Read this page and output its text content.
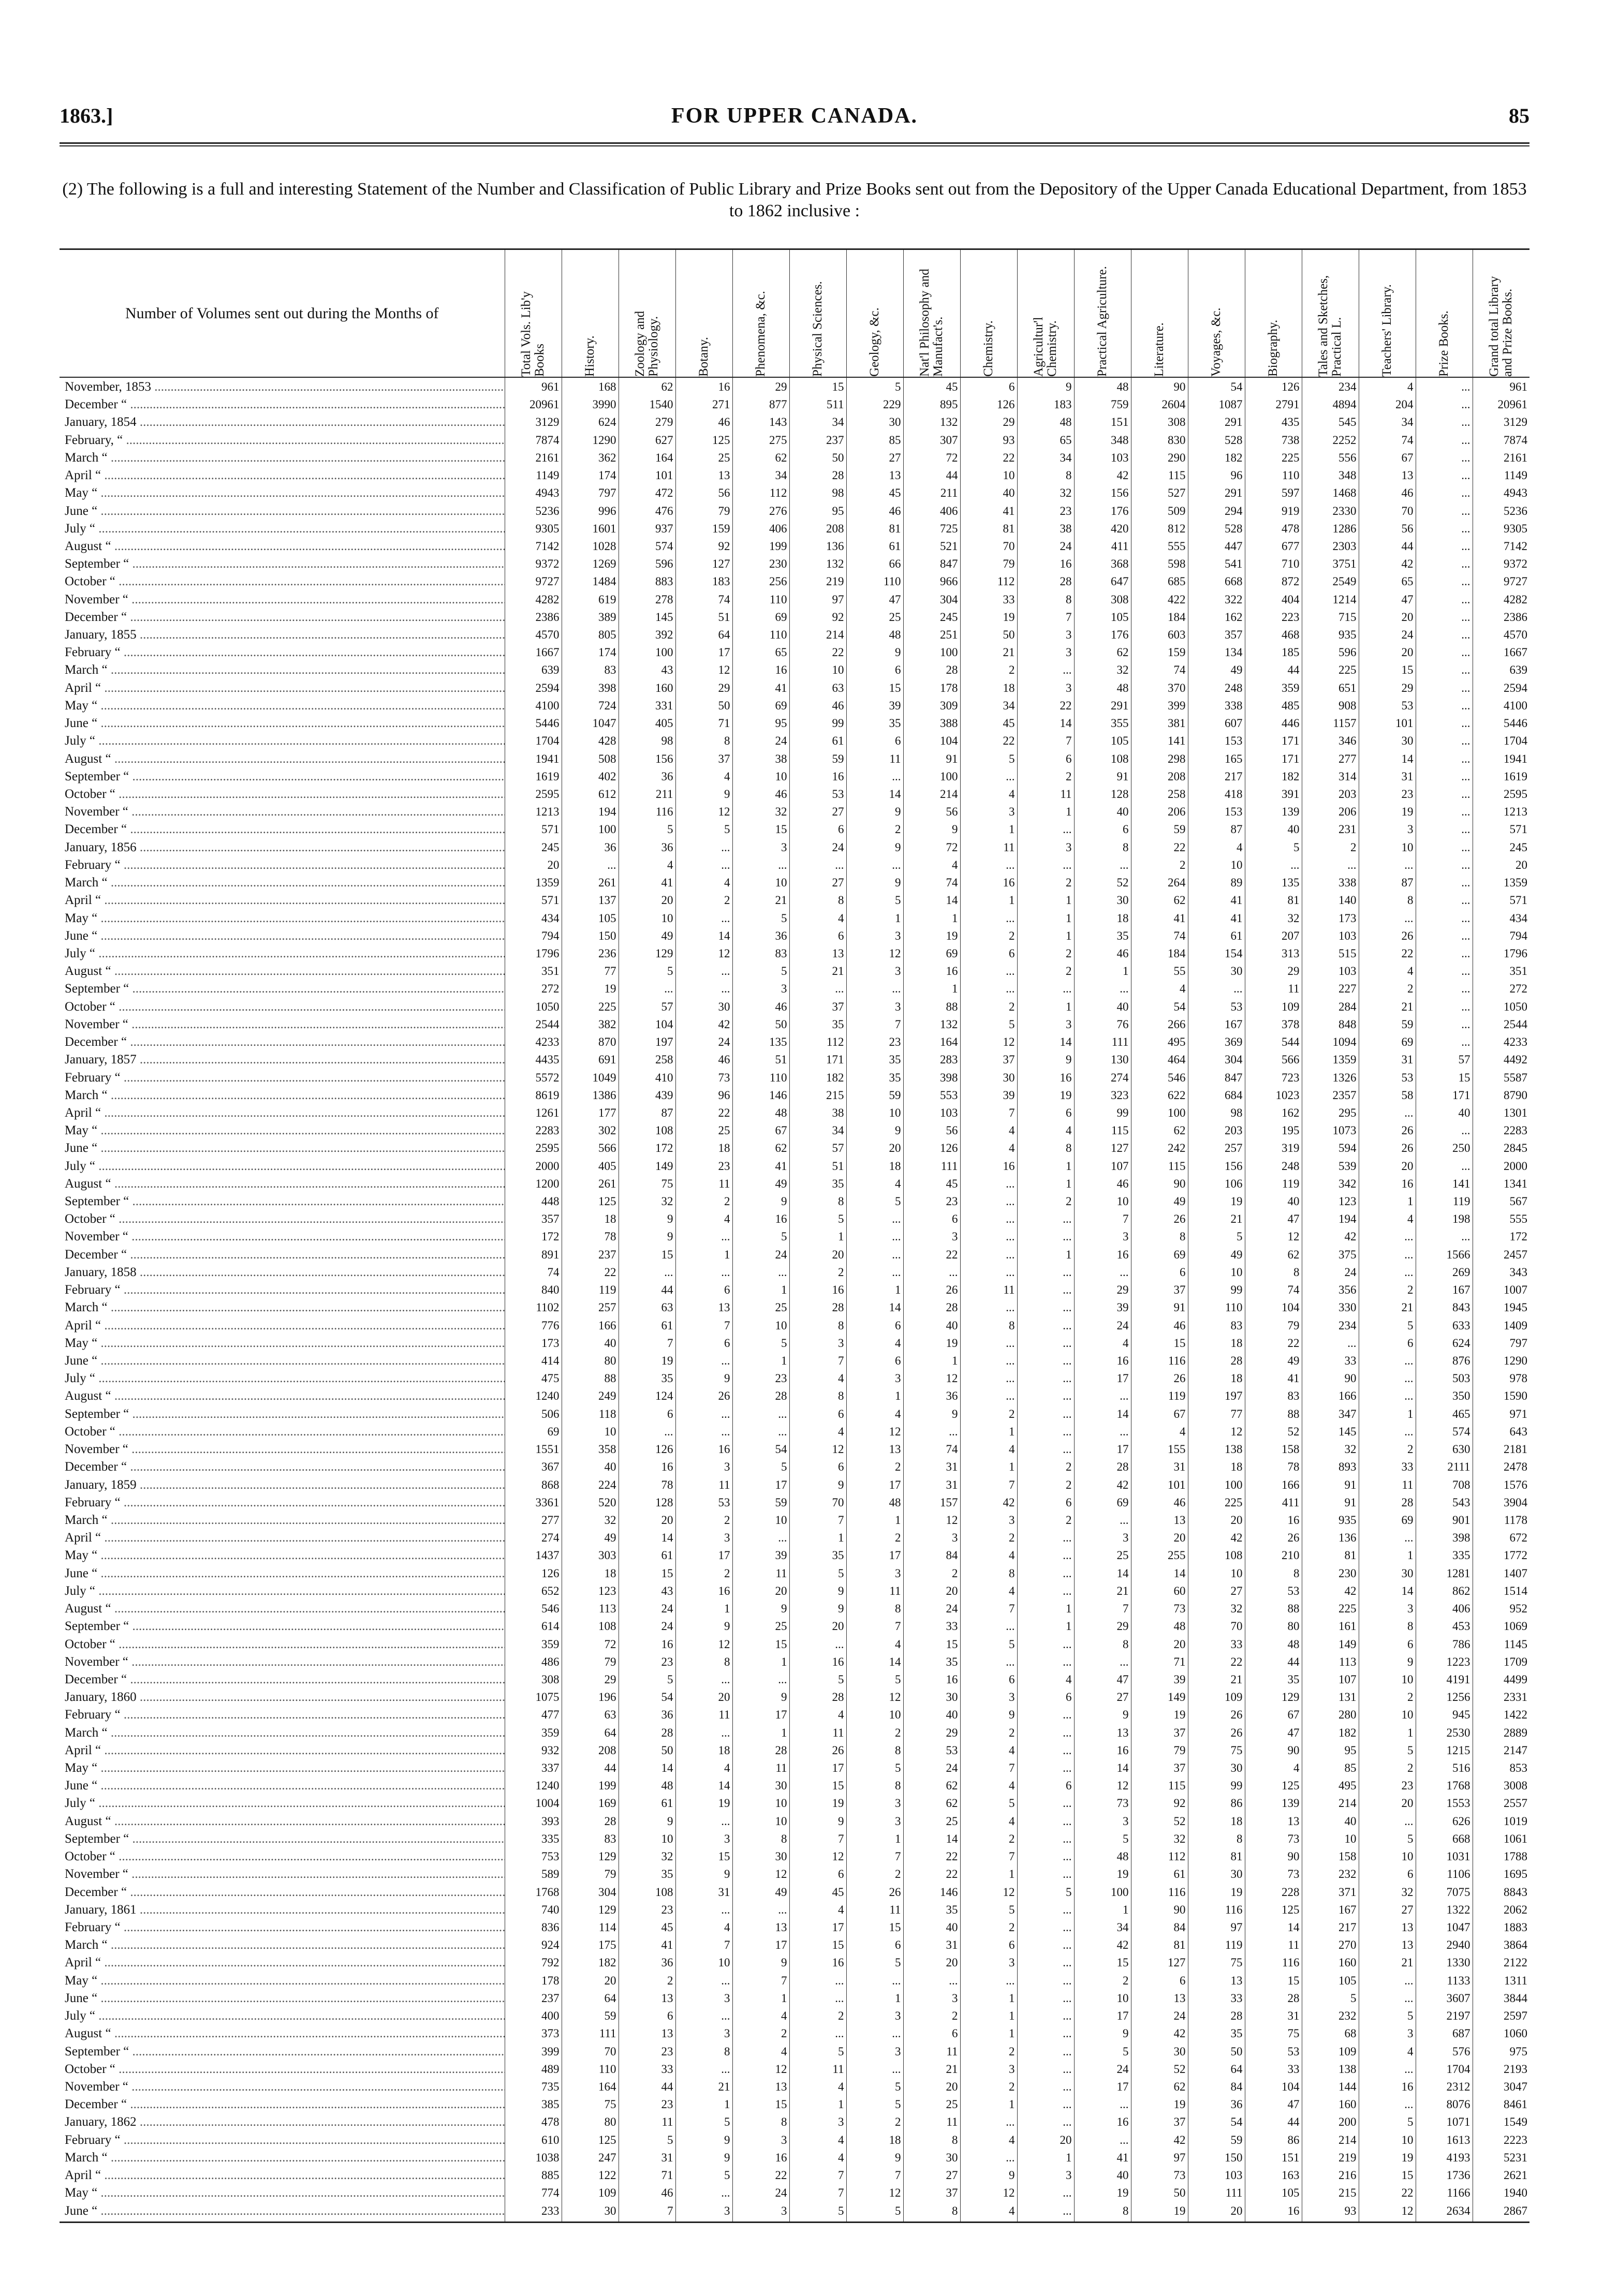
1863.]	FOR UPPER CANADA.	85
(2) The following is a full and interesting Statement of the Number and Classification of Public Library and Prize Books sent out from the Depository of the Upper Canada Educational Department, from 1853 to 1862 inclusive :
Number of Volumes sent out during the Months of	Total Vols. Lib'y Books	History.	Zoology and Physiology.	Botany.	Phenomena, &c.	Physical Sciences.	Geology, &c.	Nat'l Philosophy and Manufact's.	Chemistry.	Agricultur'l Chemistry.	Practical Agriculture.	Literature.	Voyages, &c.	Biography.	Tales and Sketches, Practical L.	Teachers' Library.	Prize Books.	Grand total Library and Prize Books.

November, 1853 .....	961	168	62	16	29	15	5	45	6	9	48	90	54	126	234	4	...	961
December “ .....	20961	3990	1540	271	877	511	229	895	126	183	759	2604	1087	2791	4894	204	...	20961
January, 1854 .....	3129	624	279	46	143	34	30	132	29	48	151	308	291	435	545	34	...	3129
February, “ .....	7874	1290	627	125	275	237	85	307	93	65	348	830	528	738	2252	74	...	7874
March “ .....	2161	362	164	25	62	50	27	72	22	34	103	290	182	225	556	67	...	2161
April “ .....	1149	174	101	13	34	28	13	44	10	8	42	115	96	110	348	13	...	1149
May “ .....	4943	797	472	56	112	98	45	211	40	32	156	527	291	597	1468	46	...	4943
June “ .....	5236	996	476	79	276	95	46	406	41	23	176	509	294	919	2330	70	...	5236
July “ .....	9305	1601	937	159	406	208	81	725	81	38	420	812	528	478	1286	56	...	9305
August “ .....	7142	1028	574	92	199	136	61	521	70	24	411	555	447	677	2303	44	...	7142
September “ .....	9372	1269	596	127	230	132	66	847	79	16	368	598	541	710	3751	42	...	9372
October “ .....	9727	1484	883	183	256	219	110	966	112	28	647	685	668	872	2549	65	...	9727
November “ .....	4282	619	278	74	110	97	47	304	33	8	308	422	322	404	1214	47	...	4282
December “ .....	2386	389	145	51	69	92	25	245	19	7	105	184	162	223	715	20	...	2386
January, 1855 .....	4570	805	392	64	110	214	48	251	50	3	176	603	357	468	935	24	...	4570
February “ .....	1667	174	100	17	65	22	9	100	21	3	62	159	134	185	596	20	...	1667
March “ .....	639	83	43	12	16	10	6	28	2	...	32	74	49	44	225	15	...	639
April “ .....	2594	398	160	29	41	63	15	178	18	3	48	370	248	359	651	29	...	2594
May “ .....	4100	724	331	50	69	46	39	309	34	22	291	399	338	485	908	53	...	4100
June “ .....	5446	1047	405	71	95	99	35	388	45	14	355	381	607	446	1157	101	...	5446
July “ .....	1704	428	98	8	24	61	6	104	22	7	105	141	153	171	346	30	...	1704
August “ .....	1941	508	156	37	38	59	11	91	5	6	108	298	165	171	277	14	...	1941
September “ .....	1619	402	36	4	10	16	...	100	...	2	91	208	217	182	314	31	...	1619
October “ .....	2595	612	211	9	46	53	14	214	4	11	128	258	418	391	203	23	...	2595
November “ .....	1213	194	116	12	32	27	9	56	3	1	40	206	153	139	206	19	...	1213
December “ .....	571	100	5	5	15	6	2	9	1	...	6	59	87	40	231	3	...	571
January, 1856 .....	245	36	36	...	3	24	9	72	11	3	8	22	4	5	2	10	...	245
February “ .....	20	...	4	...	...	...	...	4	...	...	...	2	10	...	...	...	...	20
March “ .....	1359	261	41	4	10	27	9	74	16	2	52	264	89	135	338	87	...	1359
April “ .....	571	137	20	2	21	8	5	14	1	1	30	62	41	81	140	8	...	571
May “ .....	434	105	10	...	5	4	1	1	...	1	18	41	41	32	173	...	...	434
June “ .....	794	150	49	14	36	6	3	19	2	1	35	74	61	207	103	26	...	794
July “ .....	1796	236	129	12	83	13	12	69	6	2	46	184	154	313	515	22	...	1796
August “ .....	351	77	5	...	5	21	3	16	...	2	1	55	30	29	103	4	...	351
September “ .....	272	19	...	...	3	...	...	1	...	...	...	4	...	11	227	2	...	272
October “ .....	1050	225	57	30	46	37	3	88	2	1	40	54	53	109	284	21	...	1050
November “ .....	2544	382	104	42	50	35	7	132	5	3	76	266	167	378	848	59	...	2544
December “ .....	4233	870	197	24	135	112	23	164	12	14	111	495	369	544	1094	69	...	4233
January, 1857 .....	4435	691	258	46	51	171	35	283	37	9	130	464	304	566	1359	31	57	4492
February “ .....	5572	1049	410	73	110	182	35	398	30	16	274	546	847	723	1326	53	15	5587
March “ .....	8619	1386	439	96	146	215	59	553	39	19	323	622	684	1023	2357	58	171	8790
April “ .....	1261	177	87	22	48	38	10	103	7	6	99	100	98	162	295	...	40	1301
May “ .....	2283	302	108	25	67	34	9	56	4	4	115	62	203	195	1073	26	...	2283
June “ .....	2595	566	172	18	62	57	20	126	4	8	127	242	257	319	594	26	250	2845
July “ .....	2000	405	149	23	41	51	18	111	16	1	107	115	156	248	539	20	...	2000
August “ .....	1200	261	75	11	49	35	4	45	...	1	46	90	106	119	342	16	141	1341
September “ .....	448	125	32	2	9	8	5	23	...	2	10	49	19	40	123	1	119	567
October “ .....	357	18	9	4	16	5	...	6	...	...	7	26	21	47	194	4	198	555
November “ .....	172	78	9	...	5	1	...	3	...	...	3	8	5	12	42	...	...	172
December “ .....	891	237	15	1	24	20	...	22	...	1	16	69	49	62	375	...	1566	2457
January, 1858 .....	74	22	...	...	...	2	...	...	...	...	...	6	10	8	24	...	269	343
February “ .....	840	119	44	6	1	16	1	26	11	...	29	37	99	74	356	2	167	1007
March “ .....	1102	257	63	13	25	28	14	28	...	...	39	91	110	104	330	21	843	1945
April “ .....	776	166	61	7	10	8	6	40	8	...	24	46	83	79	234	5	633	1409
May “ .....	173	40	7	6	5	3	4	19	...	...	4	15	18	22	...	6	624	797
June “ .....	414	80	19	...	1	7	6	1	...	...	16	116	28	49	33	...	876	1290
July “ .....	475	88	35	9	23	4	3	12	...	...	17	26	18	41	90	...	503	978
August “ .....	1240	249	124	26	28	8	1	36	...	...	...	119	197	83	166	...	350	1590
September “ .....	506	118	6	...	...	6	4	9	2	...	14	67	77	88	347	1	465	971
October “ .....	69	10	...	...	...	4	12	...	1	...	...	4	12	52	145	...	574	643
November “ .....	1551	358	126	16	54	12	13	74	4	...	17	155	138	158	32	2	630	2181
December “ .....	367	40	16	3	5	6	2	31	1	2	28	31	18	78	893	33	2111	2478
January, 1859 .....	868	224	78	11	17	9	17	31	7	2	42	101	100	166	91	11	708	1576
February “ .....	3361	520	128	53	59	70	48	157	42	6	69	46	225	411	91	28	543	3904
March “ .....	277	32	20	2	10	7	1	12	3	2	...	13	20	16	935	69	901	1178
April “ .....	274	49	14	3	...	1	2	3	2	...	3	20	42	26	136	...	398	672
May “ .....	1437	303	61	17	39	35	17	84	4	...	25	255	108	210	81	1	335	1772
June “ .....	126	18	15	2	11	5	3	2	8	...	14	14	10	8	230	30	1281	1407
July “ .....	652	123	43	16	20	9	11	20	4	...	21	60	27	53	42	14	862	1514
August “ .....	546	113	24	1	9	9	8	24	7	1	7	73	32	88	225	3	406	952
September “ .....	614	108	24	9	25	20	7	33	...	1	29	48	70	80	161	8	453	1069
October “ .....	359	72	16	12	15	...	4	15	5	...	8	20	33	48	149	6	786	1145
November “ .....	486	79	23	8	1	16	14	35	...	...	...	71	22	44	113	9	1223	1709
December “ .....	308	29	5	...	...	5	5	16	6	4	47	39	21	35	107	10	4191	4499
January, 1860 .....	1075	196	54	20	9	28	12	30	3	6	27	149	109	129	131	2	1256	2331
February “ .....	477	63	36	11	17	4	10	40	9	...	9	19	26	67	280	10	945	1422
March “ .....	359	64	28	...	1	11	2	29	2	...	13	37	26	47	182	1	2530	2889
April “ .....	932	208	50	18	28	26	8	53	4	...	16	79	75	90	95	5	1215	2147
May “ .....	337	44	14	4	11	17	5	24	7	...	14	37	30	4	85	2	516	853
June “ .....	1240	199	48	14	30	15	8	62	4	6	12	115	99	125	495	23	1768	3008
July “ .....	1004	169	61	19	10	19	3	62	5	...	73	92	86	139	214	20	1553	2557
August “ .....	393	28	9	...	10	9	3	25	4	...	3	52	18	13	40	...	626	1019
September “ .....	335	83	10	3	8	7	1	14	2	...	5	32	8	73	10	5	668	1061
October “ .....	753	129	32	15	30	12	7	22	7	...	48	112	81	90	158	10	1031	1788
November “ .....	589	79	35	9	12	6	2	22	1	...	19	61	30	73	232	6	1106	1695
December “ .....	1768	304	108	31	49	45	26	146	12	5	100	116	19	228	371	32	7075	8843
January, 1861 .....	740	129	23	...	...	4	11	35	5	...	1	90	116	125	167	27	1322	2062
February “ .....	836	114	45	4	13	17	15	40	2	...	34	84	97	14	217	13	1047	1883
March “ .....	924	175	41	7	17	15	6	31	6	...	42	81	119	11	270	13	2940	3864
April “ .....	792	182	36	10	9	16	5	20	3	...	15	127	75	116	160	21	1330	2122
May “ .....	178	20	2	...	7	...	...	...	...	...	2	6	13	15	105	...	1133	1311
June “ .....	237	64	13	3	1	...	1	3	1	...	10	13	33	28	5	...	3607	3844
July “ .....	400	59	6	...	4	2	3	2	1	...	17	24	28	31	232	5	2197	2597
August “ .....	373	111	13	3	2	...	...	6	1	...	9	42	35	75	68	3	687	1060
September “ .....	399	70	23	8	4	5	3	11	2	...	5	30	50	53	109	4	576	975
October “ .....	489	110	33	...	12	11	...	21	3	...	24	52	64	33	138	...	1704	2193
November “ .....	735	164	44	21	13	4	5	20	2	...	17	62	84	104	144	16	2312	3047
December “ .....	385	75	23	1	15	1	5	25	1	...	...	19	36	47	160	...	8076	8461
January, 1862 .....	478	80	11	5	8	3	2	11	...	...	16	37	54	44	200	5	1071	1549
February “ .....	610	125	5	9	3	4	18	8	4	20	...	42	59	86	214	10	1613	2223
March “ .....	1038	247	31	9	16	4	9	30	...	1	41	97	150	151	219	19	4193	5231
April “ .....	885	122	71	5	22	7	7	27	9	3	40	73	103	163	216	15	1736	2621
May “ .....	774	109	46	...	24	7	12	37	12	...	19	50	111	105	215	22	1166	1940
June “ .....	233	30	7	3	3	5	5	8	4	...	8	19	20	16	93	12	2634	2867
